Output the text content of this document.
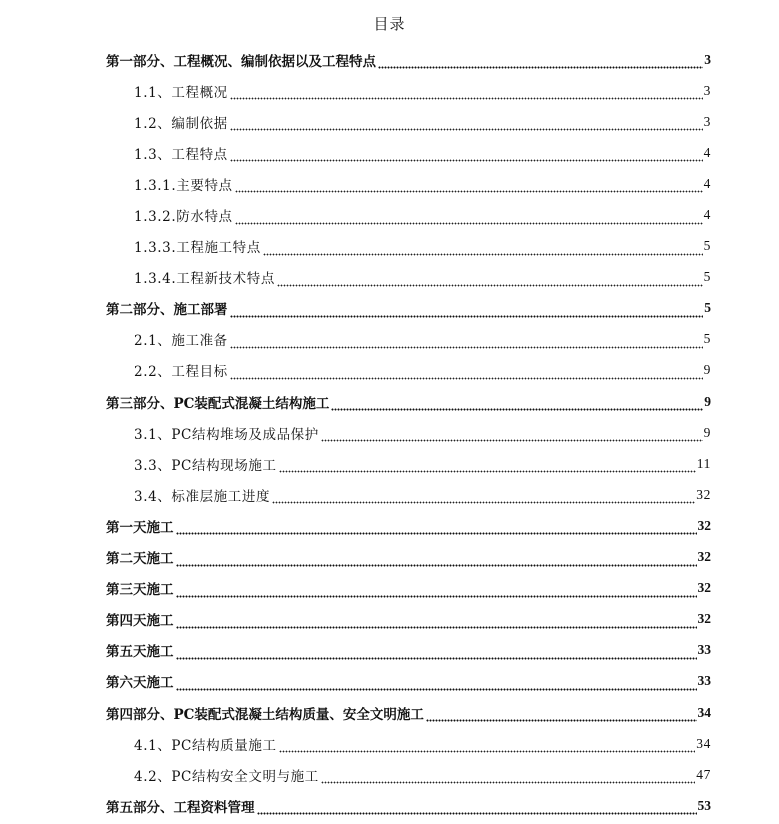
目录
第一部分、工程概况、编制依据以及工程特点	3
1.1、工程概况	3
1.2、编制依据	3
1.3、工程特点	4
1.3.1.主要特点	4
1.3.2.防水特点	4
1.3.3.工程施工特点	5
1.3.4.工程新技术特点	5
第二部分、施工部署	5
2.1、施工准备	5
2.2、工程目标	9
第三部分、PC装配式混凝土结构施工	9
3.1、PC结构堆场及成品保护	9
3.3、PC结构现场施工	11
3.4、标准层施工进度	32
第一天施工	32
第二天施工	32
第三天施工	32
第四天施工	32
第五天施工	33
第六天施工	33
第四部分、PC装配式混凝土结构质量、安全文明施工	34
4.1、PC结构质量施工	34
4.2、PC结构安全文明与施工	47
第五部分、工程资料管理	53
